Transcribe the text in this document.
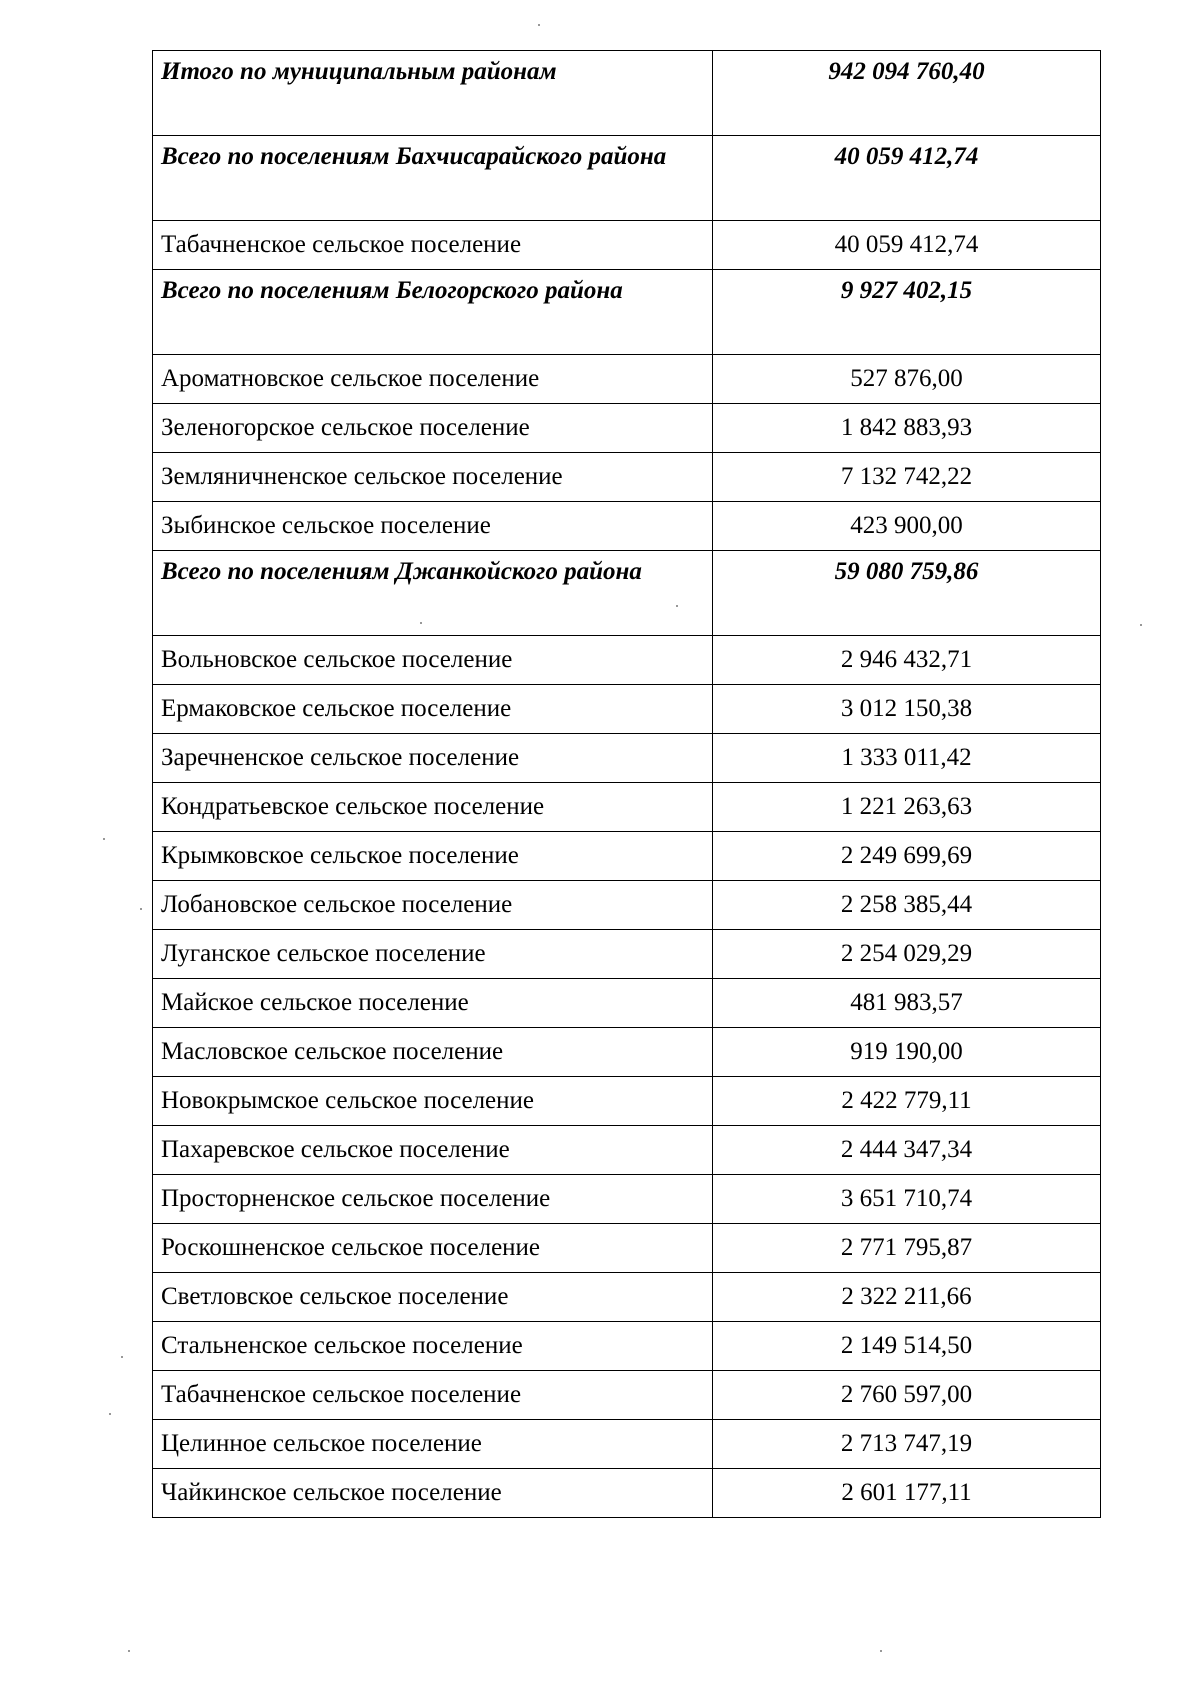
Итого по муниципальным районам	942 094 760,40
Всего по поселениям Бахчисарайского района	40 059 412,74
Табачненское сельское поселение	40 059 412,74
Всего по поселениям Белогорского района	9 927 402,15
Ароматновское сельское поселение	527 876,00
Зеленогорское сельское поселение	1 842 883,93
Земляничненское сельское поселение	7 132 742,22
Зыбинское сельское поселение	423 900,00
Всего по поселениям Джанкойского района	59 080 759,86
Вольновское сельское поселение	2 946 432,71
Ермаковское сельское поселение	3 012 150,38
Заречненское сельское поселение	1 333 011,42
Кондратьевское сельское поселение	1 221 263,63
Крымковское сельское поселение	2 249 699,69
Лобановское сельское поселение	2 258 385,44
Луганское сельское поселение	2 254 029,29
Майское сельское поселение	481 983,57
Масловское сельское поселение	919 190,00
Новокрымское сельское поселение	2 422 779,11
Пахаревское сельское поселение	2 444 347,34
Просторненское сельское поселение	3 651 710,74
Роскошненское сельское поселение	2 771 795,87
Светловское сельское поселение	2 322 211,66
Стальненское сельское поселение	2 149 514,50
Табачненское сельское поселение	2 760 597,00
Целинное сельское поселение	2 713 747,19
Чайкинское сельское поселение	2 601 177,11
